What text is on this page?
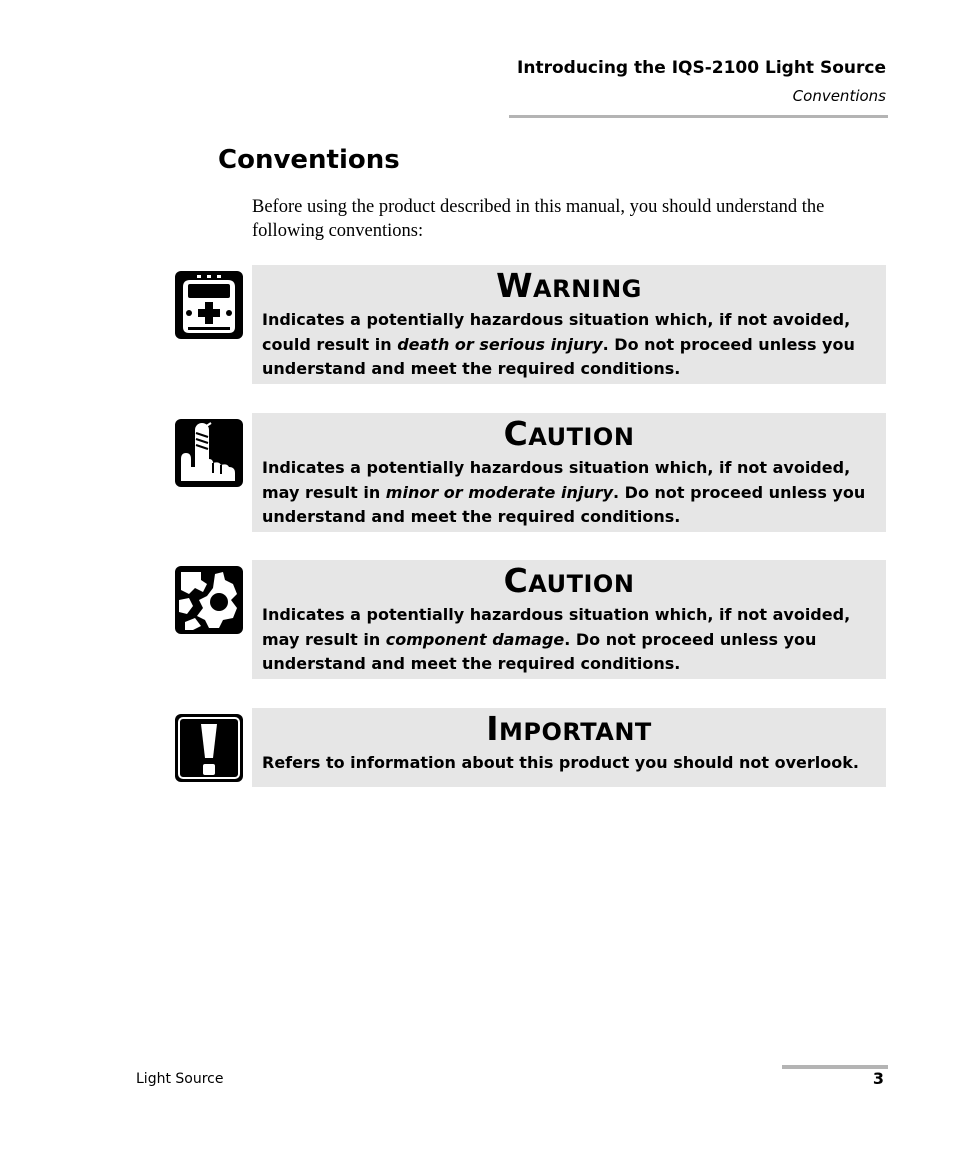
Introducing the IQS-2100 Light Source
Conventions
Conventions

Before using the product described in this manual, you should understand the following conventions:

WARNING

Indicates a potentially hazardous situation which, if not avoided, could result in death or serious injury. Do not proceed unless you understand and meet the required conditions.

CAUTION

Indicates a potentially hazardous situation which, if not avoided, may result in minor or moderate injury. Do not proceed unless you understand and meet the required conditions.

CAUTION

Indicates a potentially hazardous situation which, if not avoided, may result in component damage. Do not proceed unless you understand and meet the required conditions.

IMPORTANT

Refers to information about this product you should not overlook.

Light Source	3
